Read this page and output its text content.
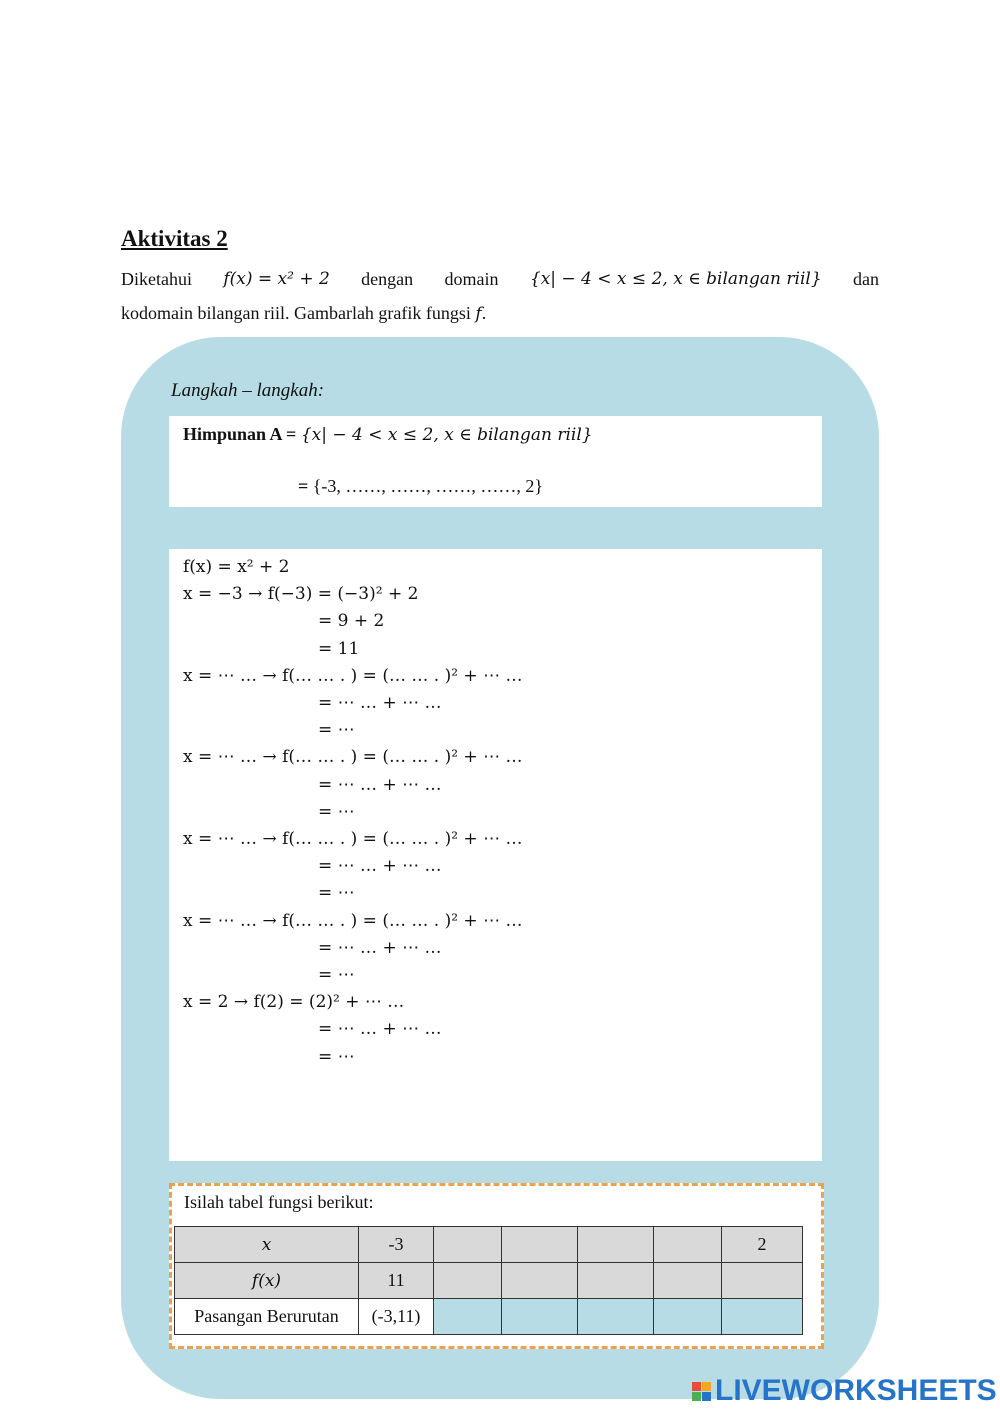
Aktivitas 2
Diketahui f(x) = x² + 2 dengan domain {x| − 4 < x ≤ 2, x ∈ bilangan riil} dan
kodomain bilangan riil. Gambarlah grafik fungsi f.
Langkah – langkah:
Himpunan A = {x| − 4 < x ≤ 2, x ∈ bilangan riil}
= {-3, ……, ……, ……, ……, 2}
f(x) = x² + 2
x = −3 → f(−3) = (−3)² + 2
= 9 + 2
= 11
x = ⋯ … → f(… … . ) = (… … . )² + ⋯ …
= ⋯ … + ⋯ …
= ⋯
x = ⋯ … → f(… … . ) = (… … . )² + ⋯ …
= ⋯ … + ⋯ …
= ⋯
x = ⋯ … → f(… … . ) = (… … . )² + ⋯ …
= ⋯ … + ⋯ …
= ⋯
x = ⋯ … → f(… … . ) = (… … . )² + ⋯ …
= ⋯ … + ⋯ …
= ⋯
x = 2 → f(2) = (2)² + ⋯ …
= ⋯ … + ⋯ …
= ⋯
Isilah tabel fungsi berikut:
x	-3					2
f(x)	11					
Pasangan Berurutan	(-3,11)					
LIVEWORKSHEETS
